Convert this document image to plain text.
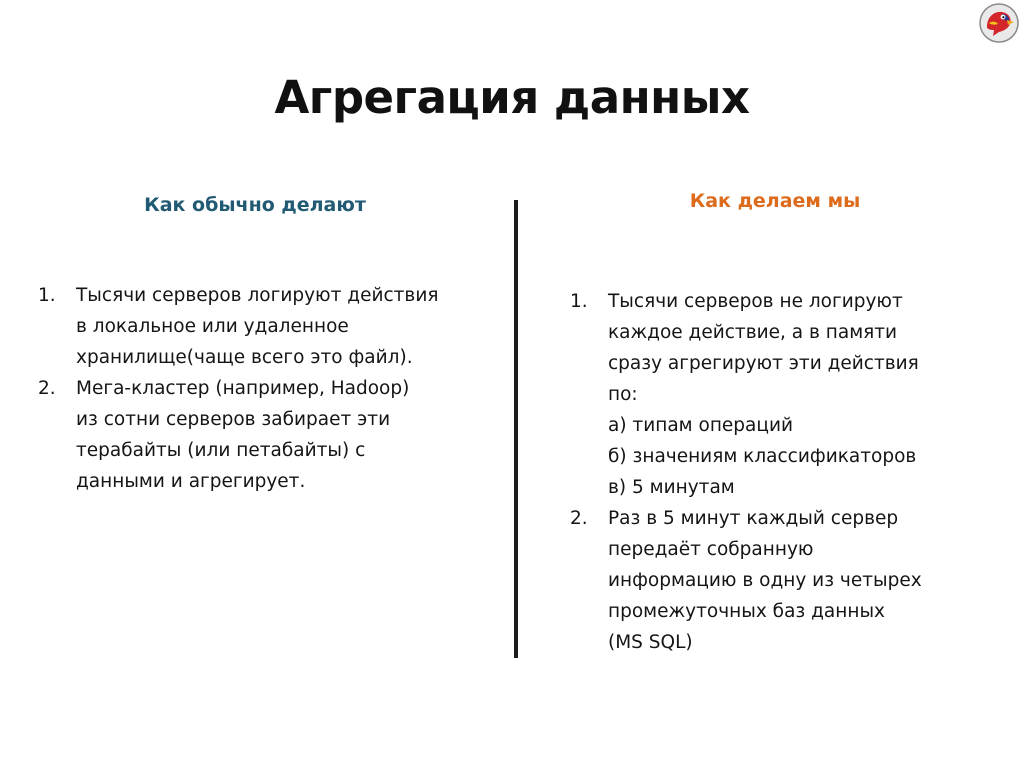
Агрегация данных
Как обычно делают	Как делаем мы
1.	Тысячи серверов логируют действия
в локальное или удаленное
хранилище(чаще всего это файл).
2.	Мега-кластер (например, Hadoop)
из сотни серверов забирает эти
терабайты (или петабайты) с
данными и агрегирует.
1.	Тысячи серверов не логируют
каждое действие, а в памяти
сразу агрегируют эти действия
по:
а) типам операций
б) значениям классификаторов
в) 5 минутам
2.	Раз в 5 минут каждый сервер
передаёт собранную
информацию в одну из четырех
промежуточных баз данных
(MS SQL)
